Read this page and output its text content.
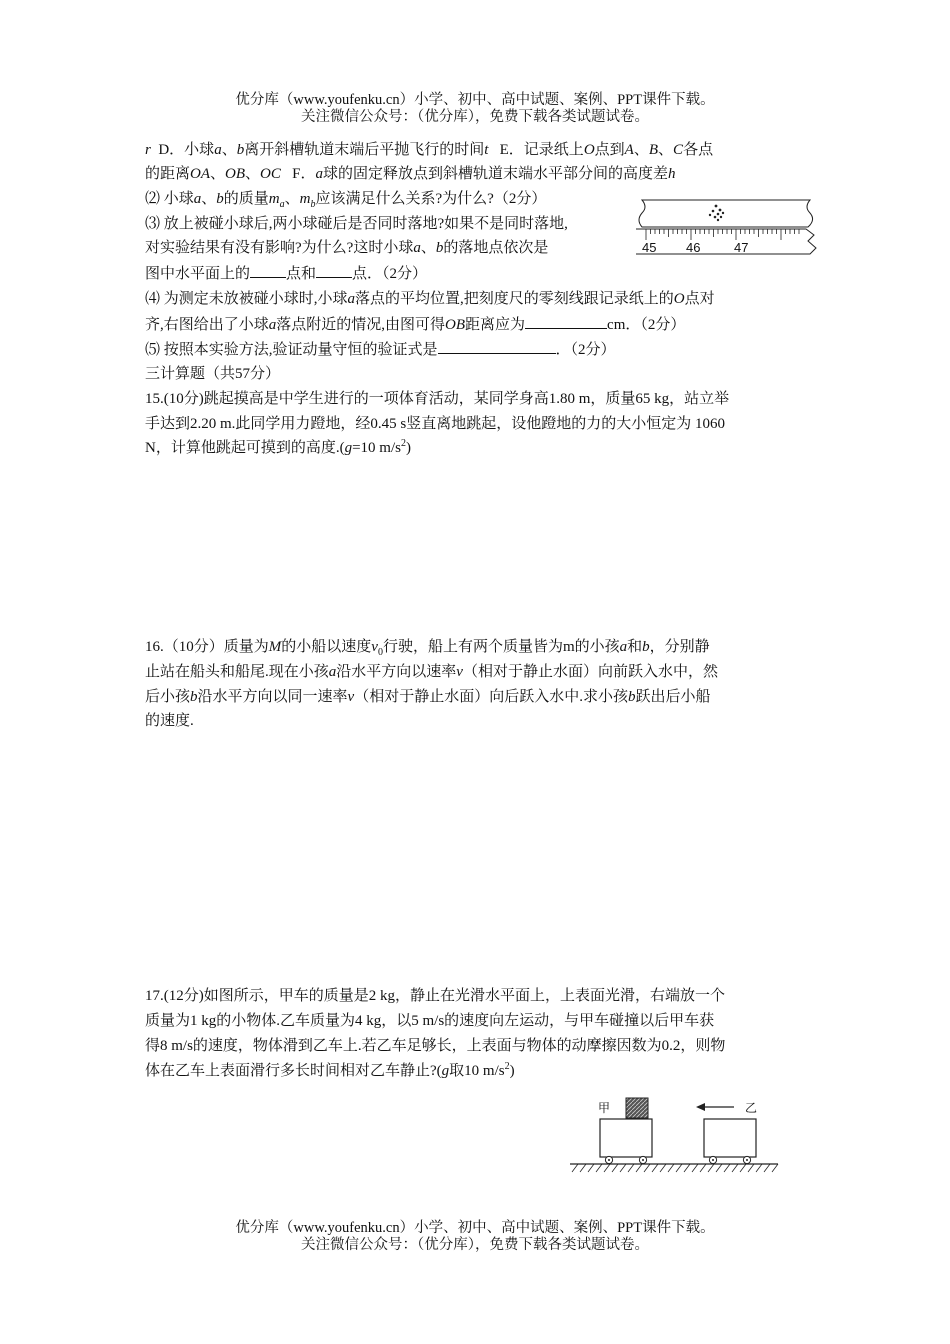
优分库（www.youfenku.cn）小学、初中、高中试题、案例、PPT课件下载。
关注微信公众号：（优分库），免费下载各类试题试卷。
r D．小球a、b离开斜槽轨道末端后平抛飞行的时间t E．记录纸上O点到A、B、C各点
的距离OA、OB、OC F．a球的固定释放点到斜槽轨道末端水平部分间的高度差h
⑵ 小球a、b的质量$m_a$、$m_b$应该满足什么关系?为什么?（2分）
⑶ 放上被碰小球后,两小球碰后是否同时落地?如果不是同时落地,
对实验结果有没有影响?为什么?这时小球a、b的落地点依次是
图中水平面上的 点和 点．（2分）
45 46	47
⑷ 为测定未放被碰小球时,小球a落点的平均位置,把刻度尺的零刻线跟记录纸上的O点对
齐,右图给出了小球a落点附近的情况,由图可得OB距离应为	cm．（2分）
⑸ 按照本实验方法,验证动量守恒的验证式是	．（2分）
三计算题（共57分）
15.(10分)跳起摸高是中学生进行的一项体育活动，某同学身高1.80 m，质量65 kg，站立举
手达到2.20 m.此同学用力蹬地，经0.45 s竖直离地跳起，设他蹬地的力的大小恒定为 1060
N，计算他跳起可摸到的高度.(g=10 $m/s^2$)
16.（10分）质量为M的小船以速度$v_0$行驶，船上有两个质量皆为m的小孩a和b，分别静
止站在船头和船尾.现在小孩a沿水平方向以速率v（相对于静止水面）向前跃入水中，然
后小孩b沿水平方向以同一速率v（相对于静止水面）向后跃入水中.求小孩b跃出后小船
的速度.
17.(12分)如图所示，甲车的质量是2 kg，静止在光滑水平面上，上表面光滑，右端放一个
质量为1 kg的小物体.乙车质量为4 kg，以5 m/s的速度向左运动，与甲车碰撞以后甲车获
得8 m/s的速度，物体滑到乙车上.若乙车足够长，上表面与物体的动摩擦因数为0.2，则物
体在乙车上表面滑行多长时间相对乙车静止?(g取10 $m/s^2$)
甲	乙
优分库（www.youfenku.cn）小学、初中、高中试题、案例、PPT课件下载。
关注微信公众号：（优分库），免费下载各类试题试卷。
